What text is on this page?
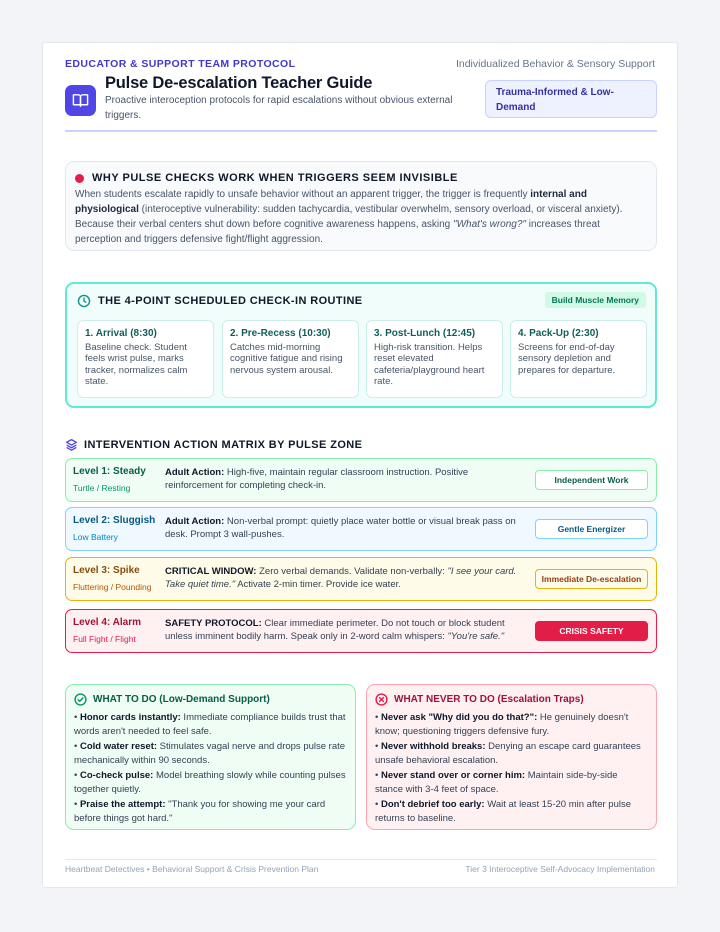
EDUCATOR & SUPPORT TEAM PROTOCOL	Individualized Behavior & Sensory Support
Pulse De-escalation Teacher Guide
Proactive interoception protocols for rapid escalations without obvious external triggers.
Trauma-Informed & Low-Demand
WHY PULSE CHECKS WORK WHEN TRIGGERS SEEM INVISIBLE
When students escalate rapidly to unsafe behavior without an apparent trigger, the trigger is frequently internal and physiological (interoceptive vulnerability: sudden tachycardia, vestibular overwhelm, sensory overload, or visceral anxiety). Because their verbal centers shut down before cognitive awareness happens, asking "What's wrong?" increases threat perception and triggers defensive fight/flight aggression.
THE 4-POINT SCHEDULED CHECK-IN ROUTINE	Build Muscle Memory
1. Arrival (8:30)
Baseline check. Student feels wrist pulse, marks tracker, normalizes calm state.
2. Pre-Recess (10:30)
Catches mid-morning cognitive fatigue and rising nervous system arousal.
3. Post-Lunch (12:45)
High-risk transition. Helps reset elevated cafeteria/playground heart rate.
4. Pack-Up (2:30)
Screens for end-of-day sensory depletion and prepares for departure.
INTERVENTION ACTION MATRIX BY PULSE ZONE
Level 1: Steady
Turtle / Resting
Adult Action: High-five, maintain regular classroom instruction. Positive reinforcement for completing check-in.	Independent Work
Level 2: Sluggish
Low Battery
Adult Action: Non-verbal prompt: quietly place water bottle or visual break pass on desk. Prompt 3 wall-pushes.	Gentle Energizer
Level 3: Spike
Fluttering / Pounding
CRITICAL WINDOW: Zero verbal demands. Validate non-verbally: "I see your card. Take quiet time." Activate 2-min timer. Provide ice water.	Immediate De-escalation
Level 4: Alarm
Full Fight / Flight
SAFETY PROTOCOL: Clear immediate perimeter. Do not touch or block student unless imminent bodily harm. Speak only in 2-word calm whispers: "You're safe."	CRISIS SAFETY
WHAT TO DO (Low-Demand Support)
• Honor cards instantly: Immediate compliance builds trust that words aren't needed to feel safe.
• Cold water reset: Stimulates vagal nerve and drops pulse rate mechanically within 90 seconds.
• Co-check pulse: Model breathing slowly while counting pulses together quietly.
• Praise the attempt: "Thank you for showing me your card before things got hard."
WHAT NEVER TO DO (Escalation Traps)
• Never ask "Why did you do that?": He genuinely doesn't know; questioning triggers defensive fury.
• Never withhold breaks: Denying an escape card guarantees unsafe behavioral escalation.
• Never stand over or corner him: Maintain side-by-side stance with 3-4 feet of space.
• Don't debrief too early: Wait at least 15-20 min after pulse returns to baseline.
Heartbeat Detectives • Behavioral Support & Crisis Prevention Plan	Tier 3 Interoceptive Self-Advocacy Implementation
